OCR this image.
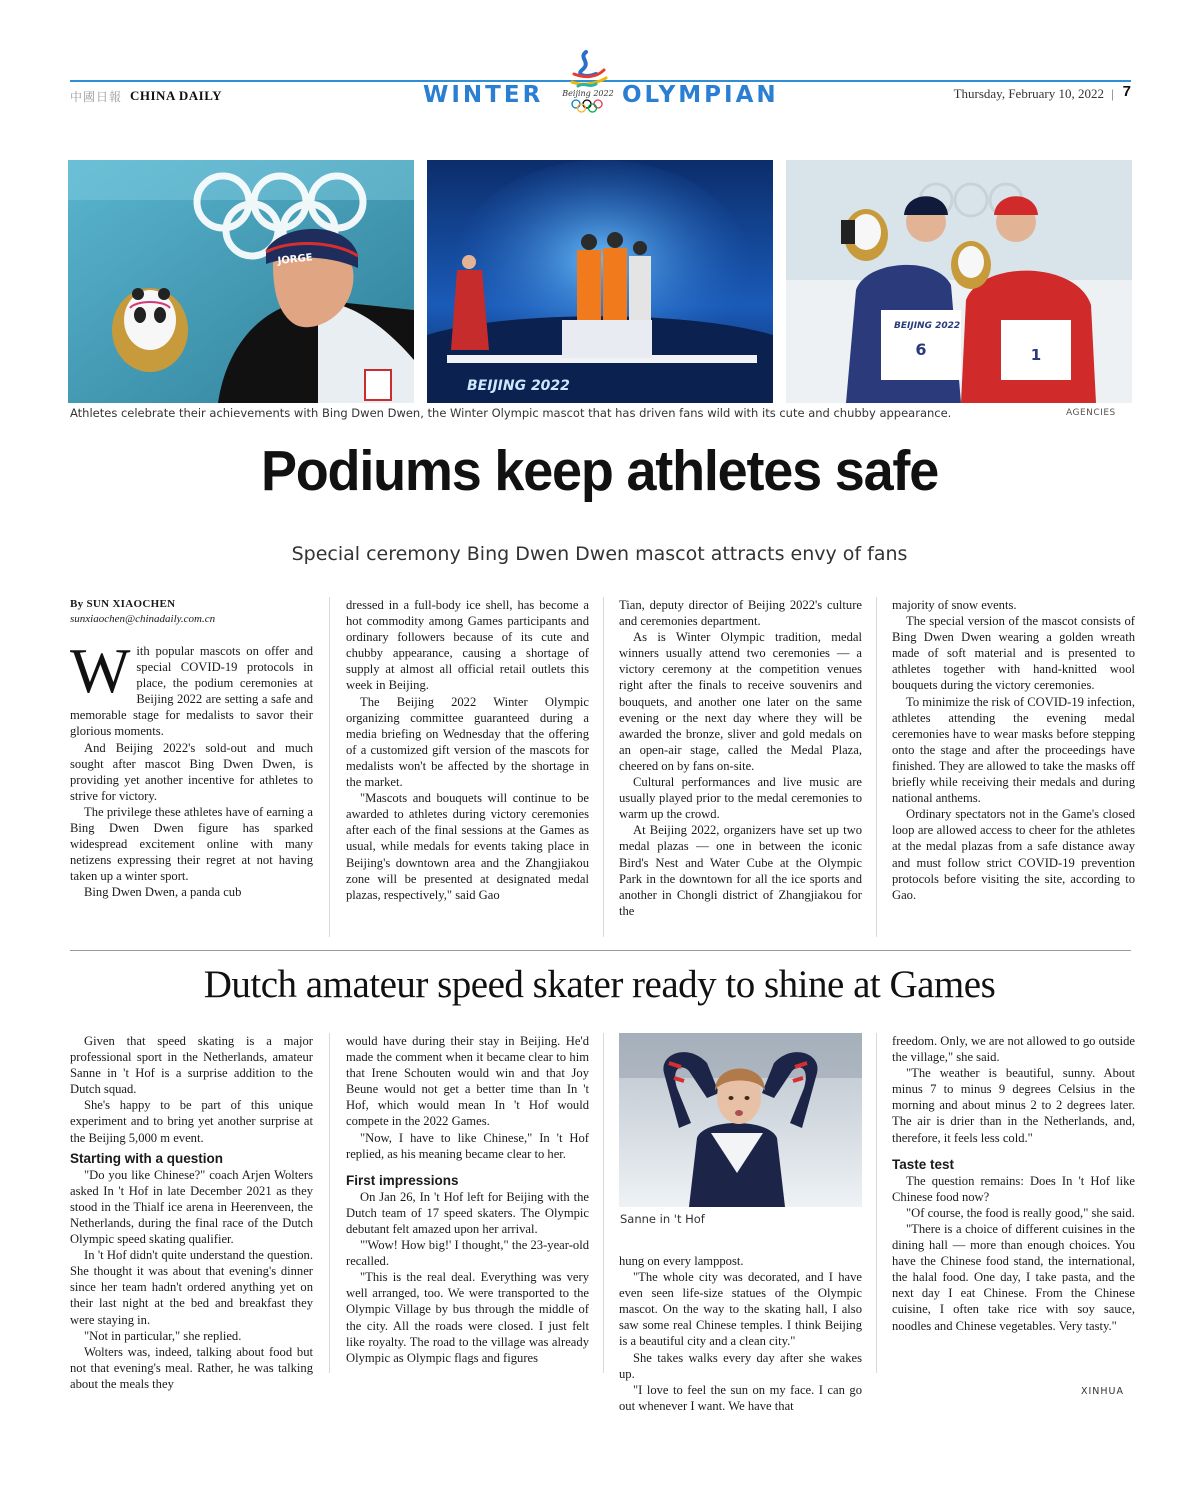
中國日報 CHINA DAILY	WINTER Beijing 2022 OLYMPIAN	Thursday, February 10, 2022 | 7
JORGE
BEIJING 2022
6	1
BEIJING 2022
Athletes celebrate their achievements with Bing Dwen Dwen, the Winter Olympic mascot that has driven fans wild with its cute and chubby appearance.	AGENCIES
Podiums keep athletes safe
Special ceremony Bing Dwen Dwen mascot attracts envy of fans
By SUN XIAOCHEN
sunxiaochen@chinadaily.com.cn

With popular mascots on offer and special COVID-19 protocols in place, the podium ceremonies at Beijing 2022 are setting a safe and memorable stage for medalists to savor their glorious moments.

And Beijing 2022's sold-out and much sought after mascot Bing Dwen Dwen, is providing yet another incentive for athletes to strive for victory.

The privilege these athletes have of earning a Bing Dwen Dwen figure has sparked widespread excitement online with many netizens expressing their regret at not having taken up a winter sport.

Bing Dwen Dwen, a panda cub

dressed in a full-body ice shell, has become a hot commodity among Games participants and ordinary followers because of its cute and chubby appearance, causing a shortage of supply at almost all official retail outlets this week in Beijing.

The Beijing 2022 Winter Olympic organizing committee guaranteed during a media briefing on Wednesday that the offering of a customized gift version of the mascots for medalists won't be affected by the shortage in the market.

"Mascots and bouquets will continue to be awarded to athletes during victory ceremonies after each of the final sessions at the Games as usual, while medals for events taking place in Beijing's downtown area and the Zhangjiakou zone will be presented at designated medal plazas, respectively," said Gao

Tian, deputy director of Beijing 2022's culture and ceremonies department.

As is Winter Olympic tradition, medal winners usually attend two ceremonies — a victory ceremony at the competition venues right after the finals to receive souvenirs and bouquets, and another one later on the same evening or the next day where they will be awarded the bronze, sliver and gold medals on an open-air stage, called the Medal Plaza, cheered on by fans on-site.

Cultural performances and live music are usually played prior to the medal ceremonies to warm up the crowd.

At Beijing 2022, organizers have set up two medal plazas — one in between the iconic Bird's Nest and Water Cube at the Olympic Park in the downtown for all the ice sports and another in Chongli district of Zhangjiakou for the

majority of snow events.

The special version of the mascot consists of Bing Dwen Dwen wearing a golden wreath made of soft material and is presented to athletes together with hand-knitted wool bouquets during the victory ceremonies.

To minimize the risk of COVID-19 infection, athletes attending the evening medal ceremonies have to wear masks before stepping onto the stage and after the proceedings have finished. They are allowed to take the masks off briefly while receiving their medals and during national anthems.

Ordinary spectators not in the Game's closed loop are allowed access to cheer for the athletes at the medal plazas from a safe distance away and must follow strict COVID-19 prevention protocols before visiting the site, according to Gao.

Dutch amateur speed skater ready to shine at Games

Given that speed skating is a major professional sport in the Netherlands, amateur Sanne in 't Hof is a surprise addition to the Dutch squad.

She's happy to be part of this unique experiment and to bring yet another surprise at the Beijing 5,000 m event.

Starting with a question

"Do you like Chinese?" coach Arjen Wolters asked In 't Hof in late December 2021 as they stood in the Thialf ice arena in Heerenveen, the Netherlands, during the final race of the Dutch Olympic speed skating qualifier.

In 't Hof didn't quite understand the question. She thought it was about that evening's dinner since her team hadn't ordered anything yet on their last night at the bed and breakfast they were staying in.

"Not in particular," she replied.

Wolters was, indeed, talking about food but not that evening's meal. Rather, he was talking about the meals they

would have during their stay in Beijing. He'd made the comment when it became clear to him that Irene Schouten would win and that Joy Beune would not get a better time than In 't Hof, which would mean In 't Hof would compete in the 2022 Games.

"Now, I have to like Chinese," In 't Hof replied, as his meaning became clear to her.

First impressions

On Jan 26, In 't Hof left for Beijing with the Dutch team of 17 speed skaters. The Olympic debutant felt amazed upon her arrival.

"'Wow! How big!' I thought," the 23-year-old recalled.

"This is the real deal. Everything was very well arranged, too. We were transported to the Olympic Village by bus through the middle of the city. All the roads were closed. I just felt like royalty. The road to the village was already Olympic as Olympic flags and figures

Sanne in 't Hof

hung on every lamppost.

"The whole city was decorated, and I have even seen life-size statues of the Olympic mascot. On the way to the skating hall, I also saw some real Chinese temples. I think Beijing is a beautiful city and a clean city."

She takes walks every day after she wakes up.

"I love to feel the sun on my face. I can go out whenever I want. We have that

freedom. Only, we are not allowed to go outside the village," she said.

"The weather is beautiful, sunny. About minus 7 to minus 9 degrees Celsius in the morning and about minus 2 to 2 degrees later. The air is drier than in the Netherlands, and, therefore, it feels less cold."

Taste test

The question remains: Does In 't Hof like Chinese food now?

"Of course, the food is really good," she said.

"There is a choice of different cuisines in the dining hall — more than enough choices. You have the Chinese food stand, the international, the halal food. One day, I take pasta, and the next day I eat Chinese. From the Chinese cuisine, I often take rice with soy sauce, noodles and Chinese vegetables. Very tasty."

XINHUA
